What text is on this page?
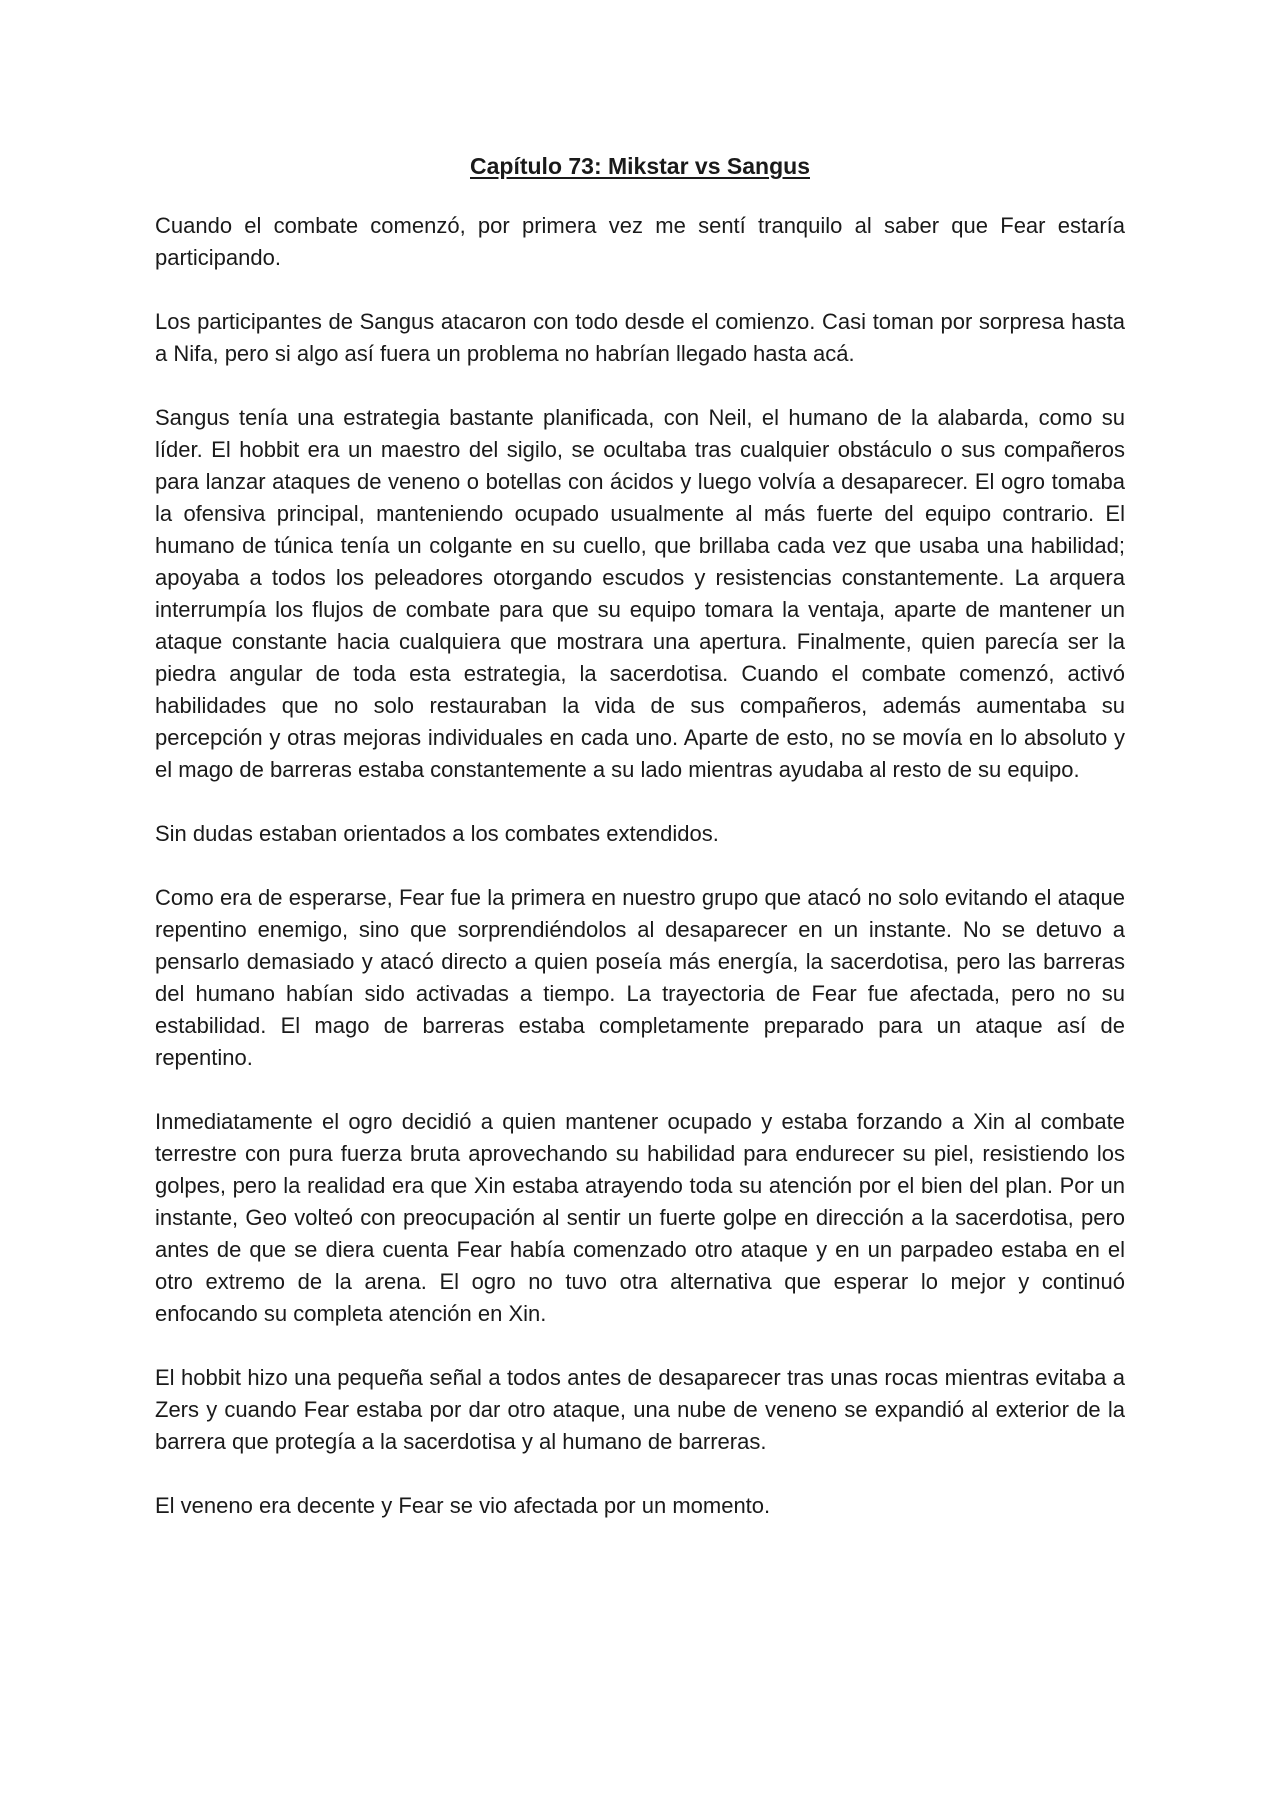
Capítulo 73: Mikstar vs Sangus

Cuando el combate comenzó, por primera vez me sentí tranquilo al saber que Fear estaría participando.

Los participantes de Sangus atacaron con todo desde el comienzo. Casi toman por sorpresa hasta a Nifa, pero si algo así fuera un problema no habrían llegado hasta acá.

Sangus tenía una estrategia bastante planificada, con Neil, el humano de la alabarda, como su líder. El hobbit era un maestro del sigilo, se ocultaba tras cualquier obstáculo o sus compañeros para lanzar ataques de veneno o botellas con ácidos y luego volvía a desaparecer. El ogro tomaba la ofensiva principal, manteniendo ocupado usualmente al más fuerte del equipo contrario. El humano de túnica tenía un colgante en su cuello, que brillaba cada vez que usaba una habilidad; apoyaba a todos los peleadores otorgando escudos y resistencias constantemente. La arquera interrumpía los flujos de combate para que su equipo tomara la ventaja, aparte de mantener un ataque constante hacia cualquiera que mostrara una apertura. Finalmente, quien parecía ser la piedra angular de toda esta estrategia, la sacerdotisa. Cuando el combate comenzó, activó habilidades que no solo restauraban la vida de sus compañeros, además aumentaba su percepción y otras mejoras individuales en cada uno. Aparte de esto, no se movía en lo absoluto y el mago de barreras estaba constantemente a su lado mientras ayudaba al resto de su equipo.

Sin dudas estaban orientados a los combates extendidos.

Como era de esperarse, Fear fue la primera en nuestro grupo que atacó no solo evitando el ataque repentino enemigo, sino que sorprendiéndolos al desaparecer en un instante. No se detuvo a pensarlo demasiado y atacó directo a quien poseía más energía, la sacerdotisa, pero las barreras del humano habían sido activadas a tiempo. La trayectoria de Fear fue afectada, pero no su estabilidad. El mago de barreras estaba completamente preparado para un ataque así de repentino.

Inmediatamente el ogro decidió a quien mantener ocupado y estaba forzando a Xin al combate terrestre con pura fuerza bruta aprovechando su habilidad para endurecer su piel, resistiendo los golpes, pero la realidad era que Xin estaba atrayendo toda su atención por el bien del plan. Por un instante, Geo volteó con preocupación al sentir un fuerte golpe en dirección a la sacerdotisa, pero antes de que se diera cuenta Fear había comenzado otro ataque y en un parpadeo estaba en el otro extremo de la arena. El ogro no tuvo otra alternativa que esperar lo mejor y continuó enfocando su completa atención en Xin.

El hobbit hizo una pequeña señal a todos antes de desaparecer tras unas rocas mientras evitaba a Zers y cuando Fear estaba por dar otro ataque, una nube de veneno se expandió al exterior de la barrera que protegía a la sacerdotisa y al humano de barreras.

El veneno era decente y Fear se vio afectada por un momento.
